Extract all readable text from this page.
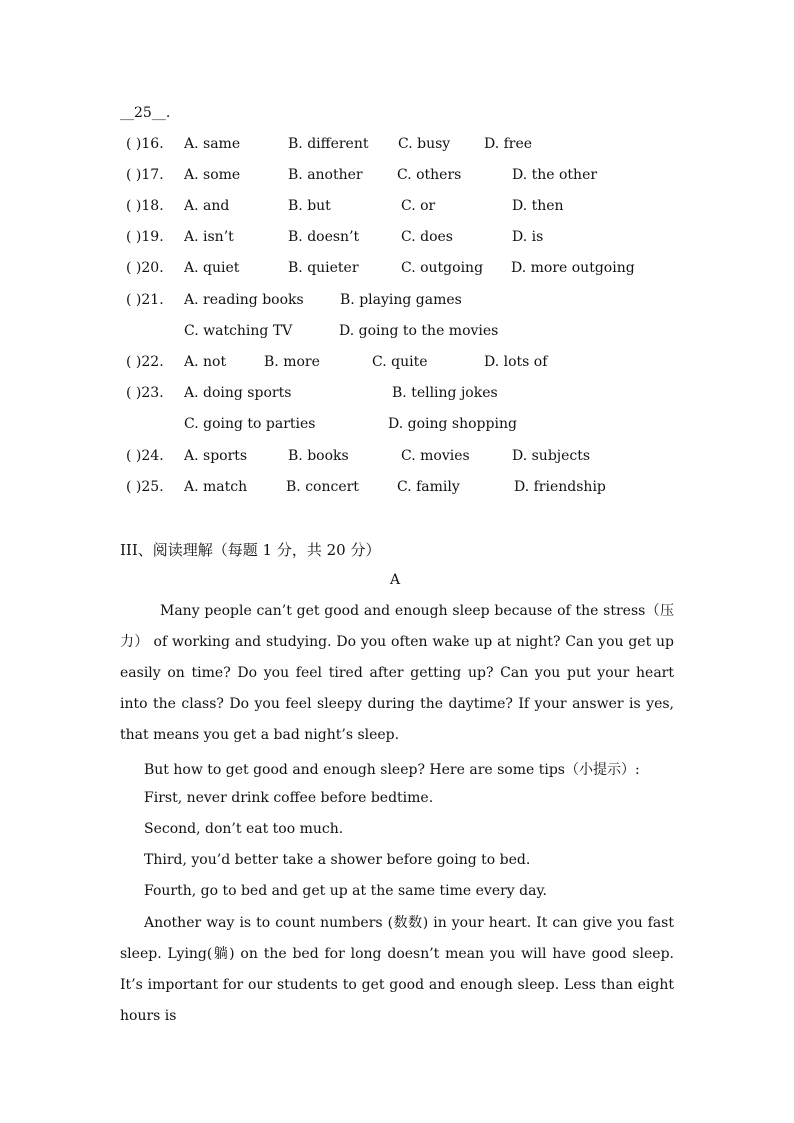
__25__.
( )16. A. same	B. different C. busy D. free
( )17. A. some	B. another C. others	D. the other
( )18. A. and	B. but	C. or	D. then
( )19. A. isn’t	B. doesn’t	C. does	D. is
( )20. A. quiet	B. quieter	C. outgoing D. more outgoing
( )21. A. reading books	B. playing games
C. watching TV	D. going to the movies
( )22. A. not	B. more	C. quite	D. lots of
( )23. A. doing sports	B. telling jokes
C. going to parties	D. going shopping
( )24. A. sports	B. books	C. movies	D. subjects
( )25. A. match	B. concert	C. family	D. friendship
III、阅读理解（每题 1 分，共 20 分）
A
Many people can’t get good and enough sleep because of the stress（压力） of working and studying. Do you often wake up at night? Can you get up easily on time? Do you feel tired after getting up? Can you put your heart into the class? Do you feel sleepy during the daytime? If your answer is yes, that means you get a bad night’s sleep.
But how to get good and enough sleep? Here are some tips（小提示）:
First, never drink coffee before bedtime.
Second, don’t eat too much.
Third, you’d better take a shower before going to bed.
Fourth, go to bed and get up at the same time every day.
Another way is to count numbers (数数) in your heart. It can give you fast sleep. Lying(躺) on the bed for long doesn’t mean you will have good sleep. It’s important for our students to get good and enough sleep. Less than eight hours is
